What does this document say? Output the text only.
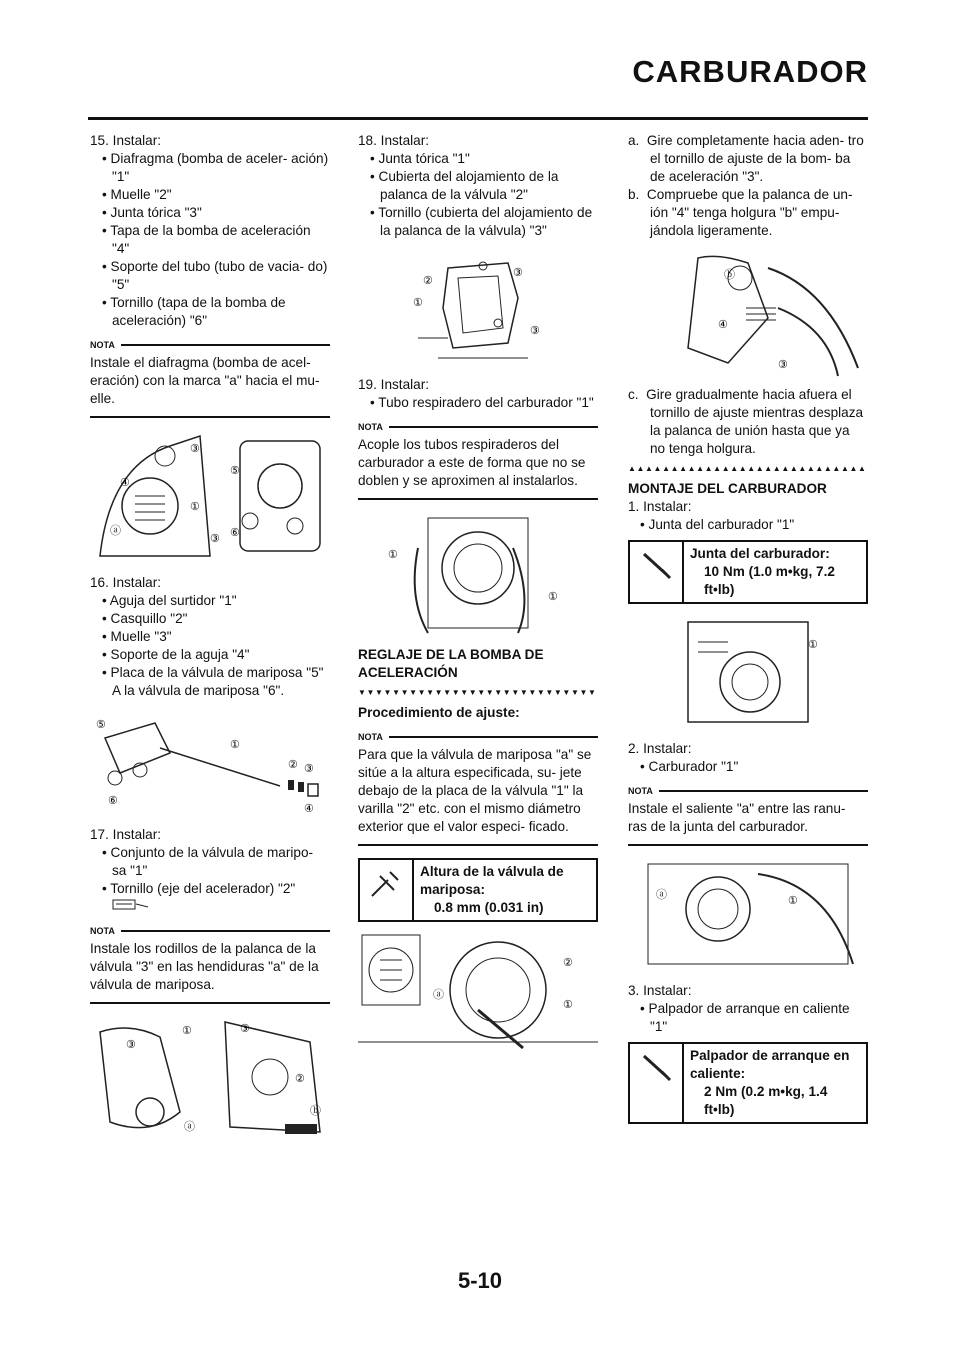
CARBURADOR

15. Instalar:

• Diafragma (bomba de aceler- ación) "1"
• Muelle "2"
• Junta tórica "3"
• Tapa de la bomba de aceleración "4"
• Soporte del tubo (tubo de vacia- do) "5"
• Tornillo (tapa de la bomba de aceleración) "6"
NOTA
Instale el diafragma (bomba de acel- eración) con la marca "a" hacia el mu- elle.
③
④
①
ⓐ
③
⑤
⑥

16. Instalar:

• Aguja del surtidor "1"
• Casquillo "2"
• Muelle "3"
• Soporte de la aguja "4"
• Placa de la válvula de mariposa "5"
A la válvula de mariposa "6".
⑤
①
② ③
④
⑥

17. Instalar:

• Conjunto de la válvula de maripo- sa "1"
• Tornillo (eje del acelerador) "2"
NOTA
Instale los rodillos de la palanca de la válvula "3" en las hendiduras "a" de la válvula de mariposa.
③
①
ⓐ
③
②
ⓑ

18. Instalar:

• Junta tórica "1"
• Cubierta del alojamiento de la palanca de la válvula "2"
• Tornillo (cubierta del alojamiento de la palanca de la válvula) "3"
②
①
③
③

19. Instalar:

• Tubo respiradero del carburador "1"
NOTA
Acople los tubos respiraderos del carburador a este de forma que no se doblen y se aproximen al instalarlos.
①
①
REGLAJE DE LA BOMBA DE ACELERACIÓN
▼▼▼▼▼▼▼▼▼▼▼▼▼▼▼▼▼▼▼▼▼▼▼▼▼▼▼▼
Procedimiento de ajuste:
NOTA
Para que la válvula de mariposa "a" se sitúe a la altura especificada, su- jete debajo de la placa de la válvula "1" la varilla "2" etc. con el mismo diámetro exterior que el valor especi- ficado.
Altura de la válvula de mariposa:
0.8 mm (0.031 in)
②
ⓐ
①
a. Gire completamente hacia aden- tro el tornillo de ajuste de la bom- ba de aceleración "3".
b. Compruebe que la palanca de un- ión "4" tenga holgura "b" empu- jándola ligeramente.
ⓑ
④
③
c. Gire gradualmente hacia afuera el tornillo de ajuste mientras desplaza la palanca de unión hasta que ya no tenga holgura.
▲▲▲▲▲▲▲▲▲▲▲▲▲▲▲▲▲▲▲▲▲▲▲▲▲▲▲▲
MONTAJE DEL CARBURADOR

1. Instalar:

• Junta del carburador "1"
Junta del carburador:
10 Nm (1.0 m•kg, 7.2 ft•lb)
①

2. Instalar:

• Carburador "1"
NOTA
Instale el saliente "a" entre las ranu- ras de la junta del carburador.
ⓐ	①

3. Instalar:

• Palpador de arranque en caliente "1"
Palpador de arranque en caliente:
2 Nm (0.2 m•kg, 1.4 ft•lb)
5-10
